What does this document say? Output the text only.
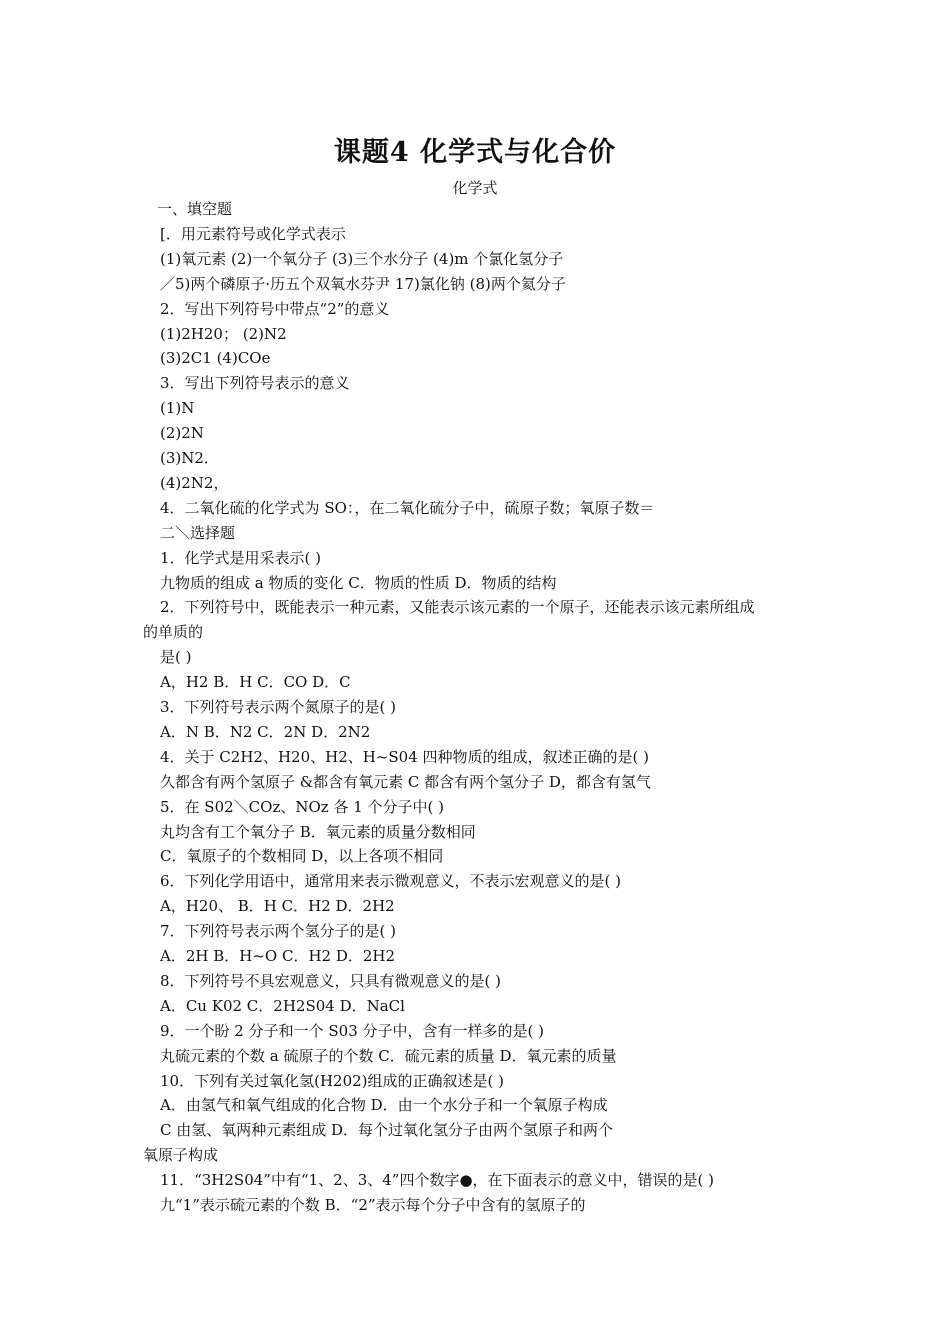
课题4 化学式与化合价
化学式
一、填空题
[．用元素符号或化学式表示
(1)氧元素 (2)一个氧分子 (3)三个水分子 (4)m 个氯化氢分子
／5)两个磷原子·历五个双氧水芬尹 17)氯化钠 (8)两个氦分子
2．写出下列符号中带点“2”的意义
(1)2H20； (2)N2
(3)2C1 (4)COe
3．写出下列符号表示的意义
(1)N
(2)2N
(3)N2．
(4)2N2，
4．二氧化硫的化学式为 SO：，在二氧化硫分子中，硫原子数；氧原子数＝
二＼选择题
1．化学式是用采表示( )
九物质的组成 a 物质的变化 C．物质的性质 D．物质的结构
2．下列符号中，既能表示一种元素，又能表示该元素的一个原子，还能表示该元素所组成
的单质的
是( )
A，H2 B．H C．CO D．C
3．下列符号表示两个氮原子的是( )
A．N B．N2 C．2N D．2N2
4．关于 C2H2、H20、H2、H~S04 四种物质的组成，叙述正确的是( )
久都含有两个氢原子 &都含有氧元素 C 都含有两个氢分子 D，都含有氢气
5．在 S02＼COz、NOz 各 1 个分子中( )
丸均含有工个氧分子 B．氧元素的质量分数相同
C．氧原子的个数相同 D，以上各项不相同
6．下列化学用语中，通常用来表示微观意义，不表示宏观意义的是( )
A，H20、 B．H C．H2 D．2H2
7．下列符号表示两个氢分子的是( )
A．2H B．H~O C．H2 D．2H2
8．下列符号不具宏观意义，只具有微观意义的是( )
A．Cu K02 C．2H2S04 D．NaCl
9．一个盼 2 分子和一个 S03 分子中，含有一样多的是( )
丸硫元素的个数 a 硫原子的个数 C．硫元素的质量 D．氧元素的质量
10．下列有关过氧化氢(H202)组成的正确叙述是( )
A．由氢气和氧气组成的化合物 D．由一个水分子和一个氧原子构成
C 由氢、氧两种元素组成 D．每个过氧化氢分子由两个氢原子和两个
氧原子构成
11．“3H2S04”中有“1、2、3、4”四个数字●，在下面表示的意义中，错误的是( )
九“1”表示硫元素的个数 B．“2”表示每个分子中含有的氢原子的
